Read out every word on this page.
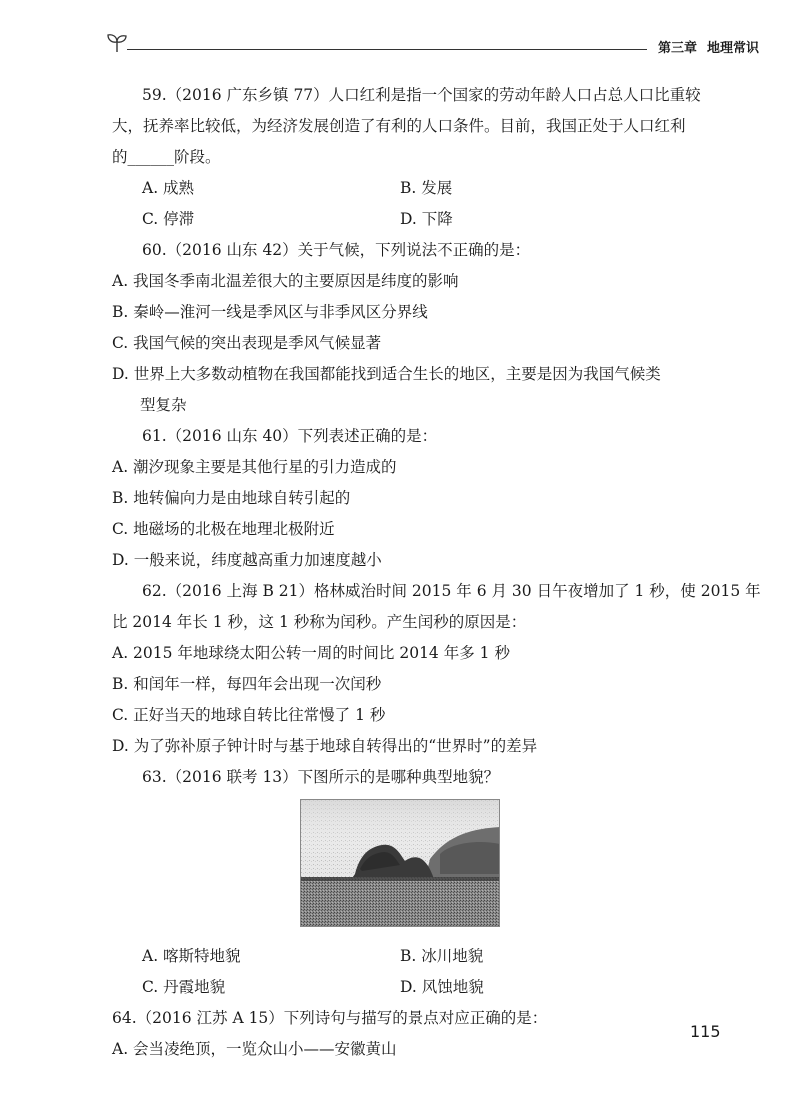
第三章 地理常识
59.（2016 广东乡镇 77）人口红利是指一个国家的劳动年龄人口占总人口比重较
大，抚养率比较低，为经济发展创造了有利的人口条件。目前，我国正处于人口红利
的______阶段。
A. 成熟	B. 发展
C. 停滞	D. 下降
60.（2016 山东 42）关于气候，下列说法不正确的是：
A. 我国冬季南北温差很大的主要原因是纬度的影响
B. 秦岭—淮河一线是季风区与非季风区分界线
C. 我国气候的突出表现是季风气候显著
D. 世界上大多数动植物在我国都能找到适合生长的地区，主要是因为我国气候类
型复杂
61.（2016 山东 40）下列表述正确的是：
A. 潮汐现象主要是其他行星的引力造成的
B. 地转偏向力是由地球自转引起的
C. 地磁场的北极在地理北极附近
D. 一般来说，纬度越高重力加速度越小
62.（2016 上海 B 21）格林威治时间 2015 年 6 月 30 日午夜增加了 1 秒，使 2015 年
比 2014 年长 1 秒，这 1 秒称为闰秒。产生闰秒的原因是：
A. 2015 年地球绕太阳公转一周的时间比 2014 年多 1 秒
B. 和闰年一样，每四年会出现一次闰秒
C. 正好当天的地球自转比往常慢了 1 秒
D. 为了弥补原子钟计时与基于地球自转得出的“世界时”的差异
63.（2016 联考 13）下图所示的是哪种典型地貌？
A. 喀斯特地貌	B. 冰川地貌
C. 丹霞地貌	D. 风蚀地貌
64.（2016 江苏 A 15）下列诗句与描写的景点对应正确的是：
A. 会当凌绝顶，一览众山小——安徽黄山
115
